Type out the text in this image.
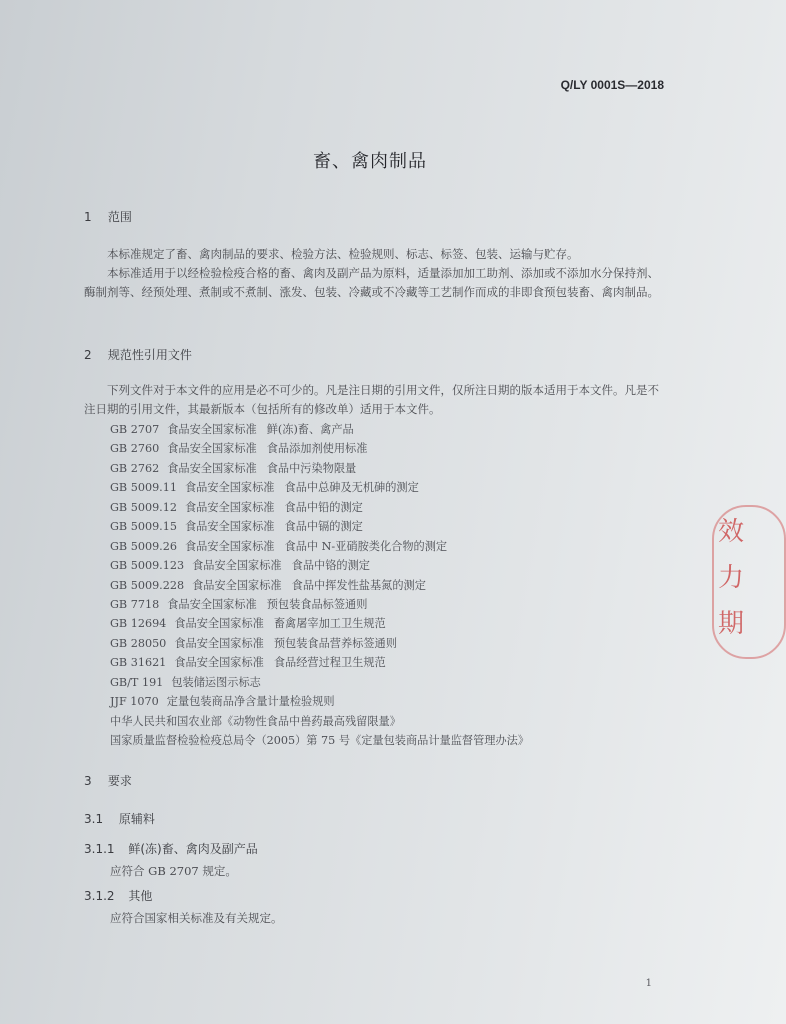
Q/LY 0001S—2018
畜、禽肉制品
1 范围

本标准规定了畜、禽肉制品的要求、检验方法、检验规则、标志、标签、包装、运输与贮存。

本标准适用于以经检验检疫合格的畜、禽肉及副产品为原料，适量添加加工助剂、添加或不添加水分保持剂、酶制剂等、经预处理、煮制或不煮制、涨发、包装、冷藏或不冷藏等工艺制作而成的非即食预包装畜、禽肉制品。

2 规范性引用文件

下列文件对于本文件的应用是必不可少的。凡是注日期的引用文件，仅所注日期的版本适用于本文件。凡是不注日期的引用文件，其最新版本（包括所有的修改单）适用于本文件。

GB 2707 食品安全国家标准 鲜(冻)畜、禽产品
GB 2760 食品安全国家标准 食品添加剂使用标准
GB 2762 食品安全国家标准 食品中污染物限量
GB 5009.11 食品安全国家标准 食品中总砷及无机砷的测定
GB 5009.12 食品安全国家标准 食品中铅的测定
GB 5009.15 食品安全国家标准 食品中镉的测定
GB 5009.26 食品安全国家标准 食品中 N-亚硝胺类化合物的测定
GB 5009.123 食品安全国家标准 食品中铬的测定
GB 5009.228 食品安全国家标准 食品中挥发性盐基氮的测定
GB 7718 食品安全国家标准 预包装食品标签通则
GB 12694 食品安全国家标准 畜禽屠宰加工卫生规范
GB 28050 食品安全国家标准 预包装食品营养标签通则
GB 31621 食品安全国家标准 食品经营过程卫生规范
GB/T 191 包装储运图示标志
JJF 1070 定量包装商品净含量计量检验规则
中华人民共和国农业部《动物性食品中兽药最高残留限量》
国家质量监督检验检疫总局令（2005）第 75 号《定量包装商品计量监督管理办法》
3 要求
3.1 原辅料
3.1.1 鲜(冻)畜、禽肉及副产品
应符合 GB 2707 规定。
3.1.2 其他
应符合国家相关标准及有关规定。
1
效 力 期
